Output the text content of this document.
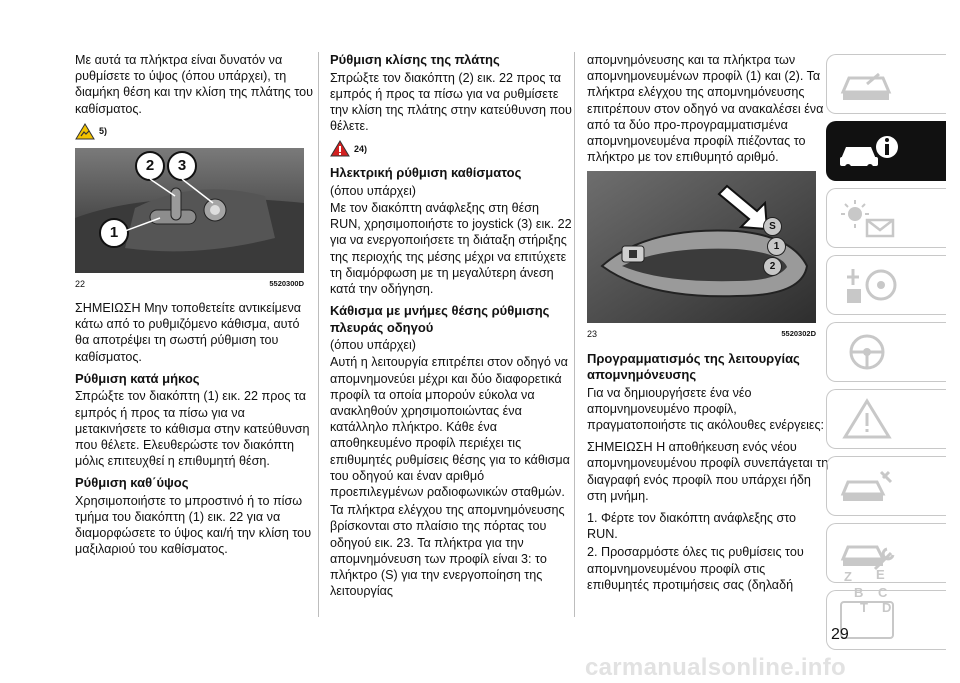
Με αυτά τα πλήκτρα είναι δυνατόν να ρυθμίσετε το ύψος (όπου υπάρχει), τη διαμήκη θέση και την κλίση της πλάτης του καθίσματος.

5)
2	3
1
22	5520300D

ΣΗΜΕΙΩΣΗ Μην τοποθετείτε αντικείμενα κάτω από το ρυθμιζόμενο κάθισμα, αυτό θα αποτρέψει τη σωστή ρύθμιση του καθίσματος.

Ρύθμιση κατά μήκος

Σπρώξτε τον διακόπτη (1) εικ. 22 προς τα εμπρός ή προς τα πίσω για να μετακινήσετε το κάθισμα στην κατεύθυνση που θέλετε. Ελευθερώστε τον διακόπτη μόλις επιτευχθεί η επιθυμητή θέση.

Ρύθμιση καθ΄ύψος

Χρησιμοποιήστε το μπροστινό ή το πίσω τμήμα του διακόπτη (1) εικ. 22 για να διαμορφώσετε το ύψος και/ή την κλίση του μαξιλαριού του καθίσματος.

Ρύθμιση κλίσης της πλάτης

Σπρώξτε τον διακόπτη (2) εικ. 22 προς τα εμπρός ή προς τα πίσω για να ρυθμίσετε την κλίση της πλάτης στην κατεύθυνση που θέλετε.

24)
Ηλεκτρική ρύθμιση καθίσματος

(όπου υπάρχει)

Με τον διακόπτη ανάφλεξης στη θέση RUN, χρησιμοποιήστε το joystick (3) εικ. 22 για να ενεργοποιήσετε τη διάταξη στήριξης της περιοχής της μέσης μέχρι να επιτύχετε τη διαμόρφωση με τη μεγαλύτερη άνεση κατά την οδήγηση.

Κάθισμα με μνήμες θέσης ρύθμισης πλευράς οδηγού

(όπου υπάρχει)

Αυτή η λειτουργία επιτρέπει στον οδηγό να απομνημονεύει μέχρι και δύο διαφορετικά προφίλ τα οποία μπορούν εύκολα να ανακληθούν χρησιμοποιώντας ένα κατάλληλο πλήκτρο. Κάθε ένα αποθηκευμένο προφίλ περιέχει τις επιθυμητές ρυθμίσεις θέσης για το κάθισμα του οδηγού και έναν αριθμό προεπιλεγμένων ραδιοφωνικών σταθμών.

Τα πλήκτρα ελέγχου της απομνημόνευσης βρίσκονται στο πλαίσιο της πόρτας του οδηγού εικ. 23. Τα πλήκτρα για την απομνημόνευση των προφίλ είναι 3: το πλήκτρο (S) για την ενεργοποίηση της λειτουργίας

απομνημόνευσης και τα πλήκτρα των απομνημονευμένων προφίλ (1) και (2). Τα πλήκτρα ελέγχου της απομνημόνευσης επιτρέπουν στον οδηγό να ανακαλέσει ένα από τα δύο προ-προγραμματισμένα απομνημονευμένα προφίλ πιέζοντας το πλήκτρο με τον επιθυμητό αριθμό.

S
1
2
23	5520302D
Προγραμματισμός της λειτουργίας απομνημόνευσης

Για να δημιουργήσετε ένα νέο απομνημονευμένο προφίλ, πραγματοποιήστε τις ακόλουθες ενέργειες:

ΣΗΜΕΙΩΣΗ Η αποθήκευση ενός νέου απομνημονευμένου προφίλ συνεπάγεται τη διαγραφή ενός προφίλ που υπάρχει ήδη στη μνήμη.

1. Φέρτε τον διακόπτη ανάφλεξης στο RUN.

2. Προσαρμόστε όλες τις ρυθμίσεις του απομνημονευμένου προφίλ στις επιθυμητές προτιμήσεις σας (δηλαδή

Z E
B C
T D
29
carmanualsonline.info
